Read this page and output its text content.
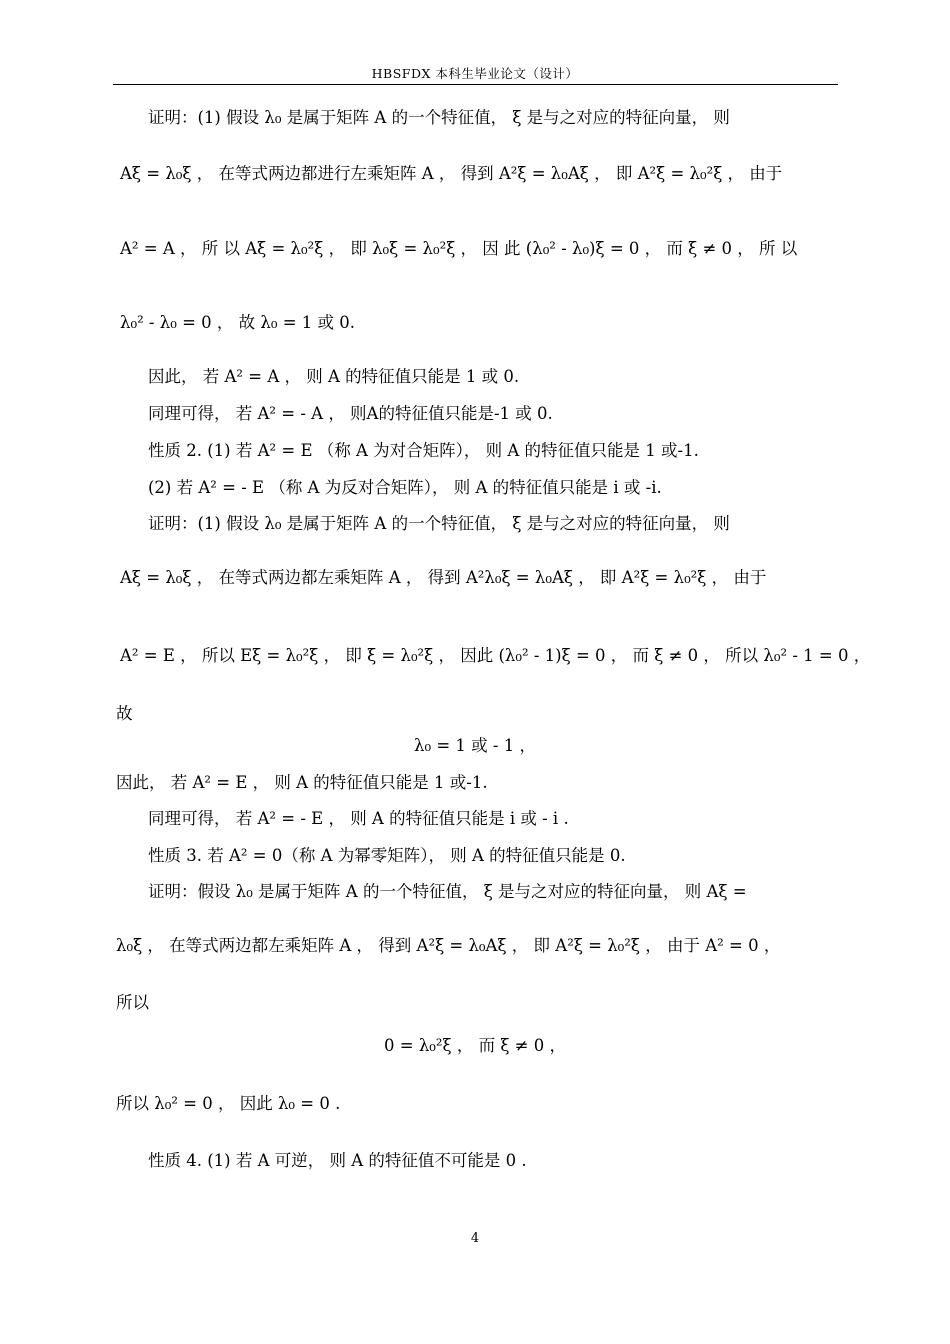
HBSFDX 本科生毕业论文（设计）
证明：(1) 假设 λ₀ 是属于矩阵 A 的一个特征值， ξ 是与之对应的特征向量， 则
Aξ = λ₀ξ ， 在等式两边都进行左乘矩阵 A ， 得到 A²ξ = λ₀Aξ ， 即 A²ξ = λ₀²ξ ， 由于
A² = A ， 所 以 Aξ = λ₀²ξ ， 即 λ₀ξ = λ₀²ξ ， 因 此 (λ₀² - λ₀)ξ = 0 ， 而 ξ ≠ 0 ， 所 以
λ₀² - λ₀ = 0 ， 故 λ₀ = 1 或 0.
因此， 若 A² = A ， 则 A 的特征值只能是 1 或 0.
同理可得， 若 A² = - A ， 则A的特征值只能是-1 或 0.
性质 2. (1) 若 A² = E （称 A 为对合矩阵）， 则 A 的特征值只能是 1 或-1.
(2) 若 A² = - E （称 A 为反对合矩阵）， 则 A 的特征值只能是 i 或 -i.
证明：(1) 假设 λ₀ 是属于矩阵 A 的一个特征值， ξ 是与之对应的特征向量， 则
Aξ = λ₀ξ ， 在等式两边都左乘矩阵 A ， 得到 A²λ₀ξ = λ₀Aξ ， 即 A²ξ = λ₀²ξ ， 由于
A² = E ， 所以 Eξ = λ₀²ξ ， 即 ξ = λ₀²ξ ， 因此 (λ₀² - 1)ξ = 0 ， 而 ξ ≠ 0 ， 所以 λ₀² - 1 = 0 ，
故
λ₀ = 1 或 - 1 ，
因此， 若 A² = E ， 则 A 的特征值只能是 1 或-1.
同理可得， 若 A² = - E ， 则 A 的特征值只能是 i 或 - i .
性质 3. 若 A² = 0（称 A 为幂零矩阵）， 则 A 的特征值只能是 0.
证明：假设 λ₀ 是属于矩阵 A 的一个特征值， ξ 是与之对应的特征向量， 则 Aξ =
λ₀ξ ， 在等式两边都左乘矩阵 A ， 得到 A²ξ = λ₀Aξ ， 即 A²ξ = λ₀²ξ ， 由于 A² = 0 ，
所以
0 = λ₀²ξ ， 而 ξ ≠ 0 ，
所以 λ₀² = 0 ， 因此 λ₀ = 0 .
性质 4. (1) 若 A 可逆， 则 A 的特征值不可能是 0 .
4
